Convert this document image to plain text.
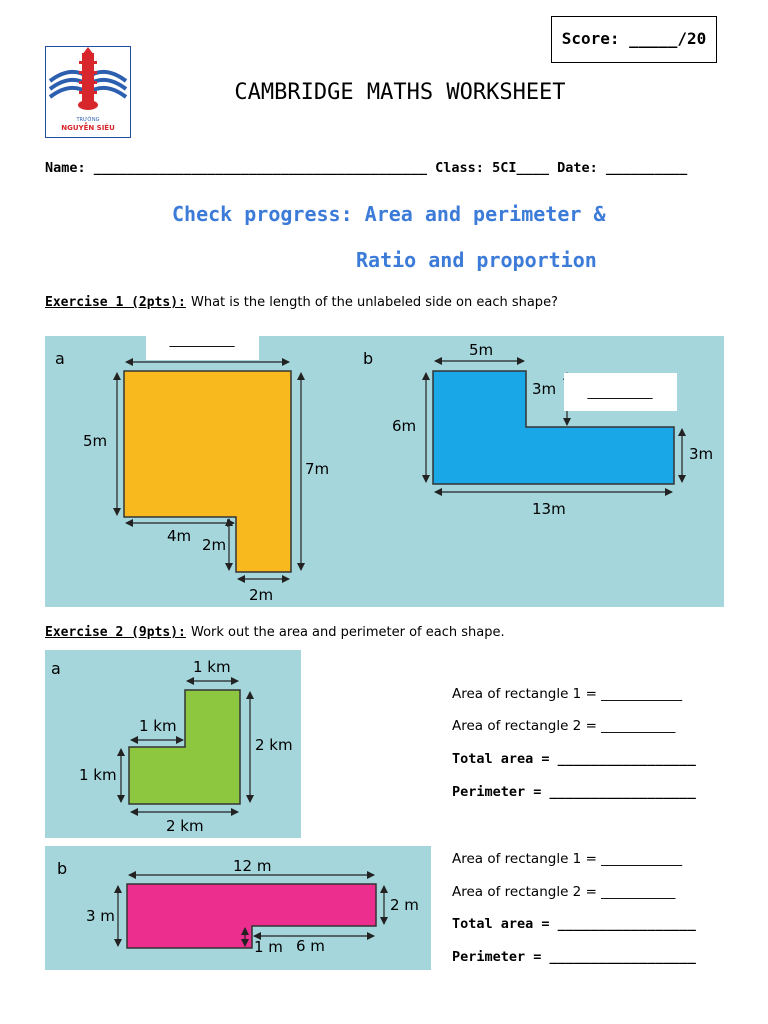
Score: _____/20
TRƯỜNG
NGUYỄN SIÊU
CAMBRIDGE MATHS WORKSHEET
Name: _________________________________________ Class: 5CI____ Date: __________
Check progress: Area and perimeter &
Ratio and proportion
Exercise 1 (2pts): What is the length of the unlabeled side on each shape?
a
__________
5m
7m
4m 2m
2m
b
__________
5m
3m
6m
3m
13m
Exercise 2 (9pts): Work out the area and perimeter of each shape.
a	1 km
1 km
2 km
1 km
2 km
Area of rectangle 1 = ____________
Area of rectangle 2 = ___________
Total area = _________________
Perimeter = __________________
b	12 m
3 m
2 m
1 m 6 m
Area of rectangle 1 = ____________
Area of rectangle 2 = ___________
Total area = _________________
Perimeter = __________________
